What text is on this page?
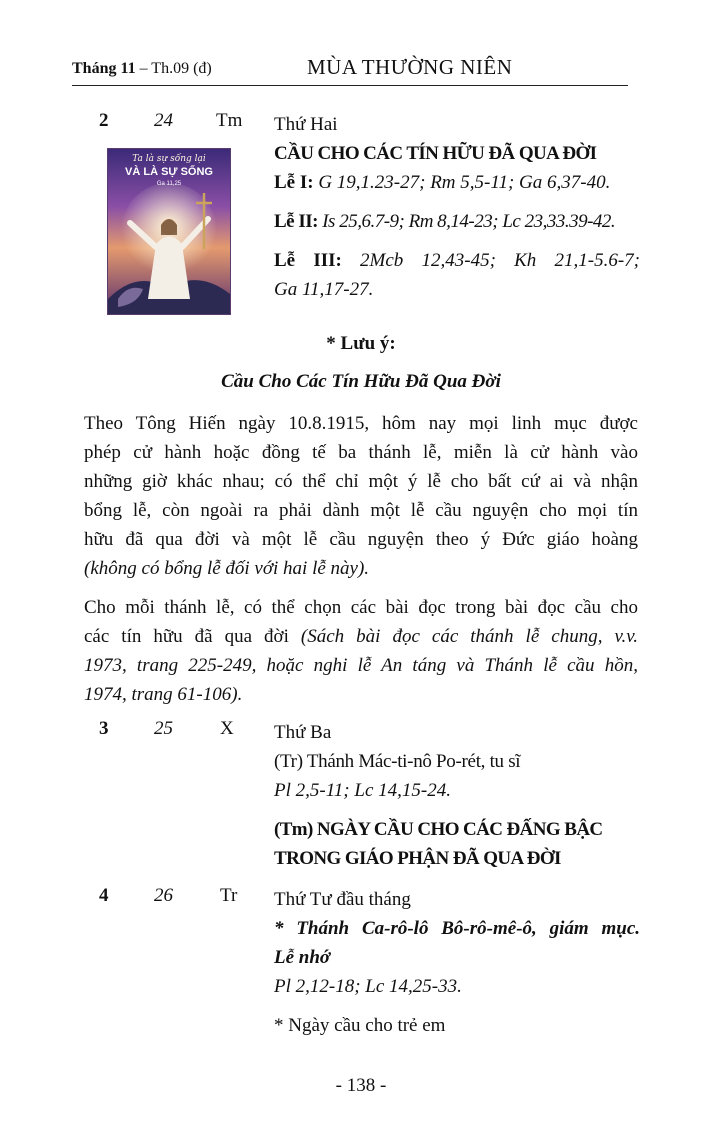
Tháng 11 – Th.09 (đ)	MÙA THƯỜNG NIÊN
2 24 Tm Thứ Hai
CẦU CHO CÁC TÍN HỮU ĐÃ QUA ĐỜI
Lễ I: G 19,1.23-27; Rm 5,5-11; Ga 6,37-40.
Lễ II: Is 25,6.7-9; Rm 8,14-23; Lc 23,33.39-42.
Lễ III: 2Mcb 12,43-45; Kh 21,1-5.6-7;
Ga 11,17-27.
Ta là sự sống lại
VÀ LÀ SỰ SỐNG
Ga 11,25
* Lưu ý:
Cầu Cho Các Tín Hữu Đã Qua Đời
Theo Tông Hiến ngày 10.8.1915, hôm nay mọi linh mục được
phép cử hành hoặc đồng tế ba thánh lễ, miễn là cử hành vào
những giờ khác nhau; có thể chỉ một ý lễ cho bất cứ ai và nhận
bổng lễ, còn ngoài ra phải dành một lễ cầu nguyện cho mọi tín
hữu đã qua đời và một lễ cầu nguyện theo ý Đức giáo hoàng
(không có bổng lễ đối với hai lễ này).
Cho mỗi thánh lễ, có thể chọn các bài đọc trong bài đọc cầu cho
các tín hữu đã qua đời (Sách bài đọc các thánh lễ chung, v.v.
1973, trang 225-249, hoặc nghi lễ An táng và Thánh lễ cầu hồn,
1974, trang 61-106).
3 25 X Thứ Ba
(Tr) Thánh Mác-ti-nô Po-rét, tu sĩ
Pl 2,5-11; Lc 14,15-24.
(Tm) NGÀY CẦU CHO CÁC ĐẤNG BẬC
TRONG GIÁO PHẬN ĐÃ QUA ĐỜI
4 26 Tr Thứ Tư đầu tháng
* Thánh Ca-rô-lô Bô-rô-mê-ô, giám mục.
Lễ nhớ
Pl 2,12-18; Lc 14,25-33.
* Ngày cầu cho trẻ em
- 138 -
